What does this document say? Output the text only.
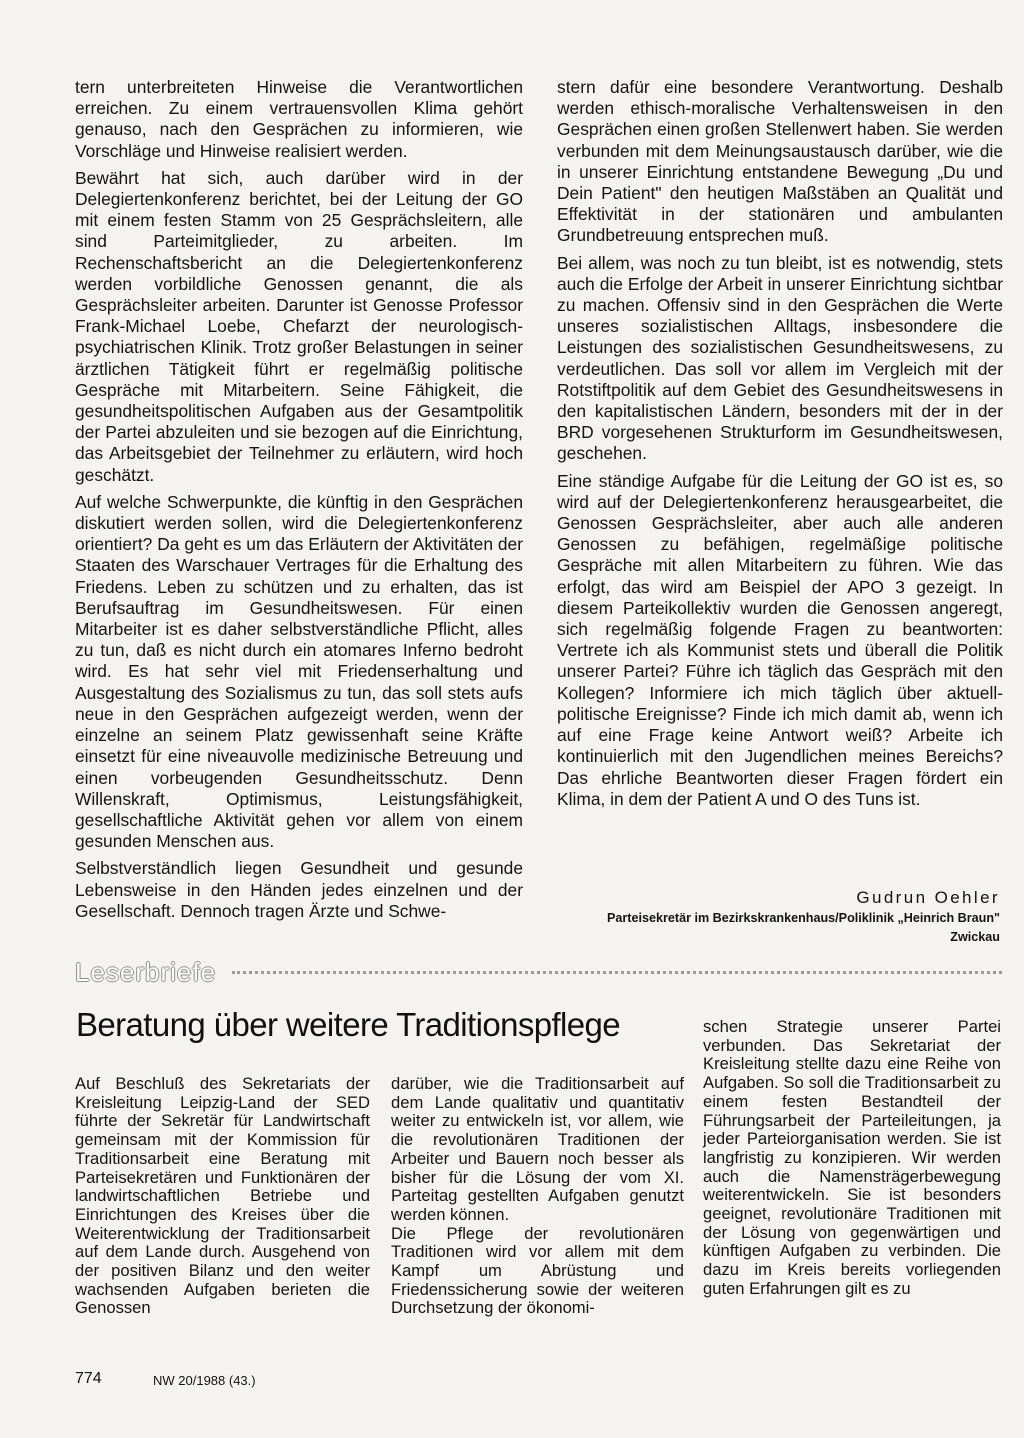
tern unterbreiteten Hinweise die Verantwortlichen erreichen. Zu einem vertrauensvollen Klima gehört genauso, nach den Gesprächen zu informieren, wie Vorschläge und Hinweise realisiert werden.

Bewährt hat sich, auch darüber wird in der Delegiertenkonferenz berichtet, bei der Leitung der GO mit einem festen Stamm von 25 Gesprächsleitern, alle sind Parteimitglieder, zu arbeiten. Im Rechenschaftsbericht an die Delegiertenkonferenz werden vorbildliche Genossen genannt, die als Gesprächsleiter arbeiten. Darunter ist Genosse Professor Frank-Michael Loebe, Chefarzt der neurologisch-psychiatrischen Klinik. Trotz großer Belastungen in seiner ärztlichen Tätigkeit führt er regelmäßig politische Gespräche mit Mitarbeitern. Seine Fähigkeit, die gesundheitspolitischen Aufgaben aus der Gesamtpolitik der Partei abzuleiten und sie bezogen auf die Einrichtung, das Arbeitsgebiet der Teilnehmer zu erläutern, wird hoch geschätzt.

Auf welche Schwerpunkte, die künftig in den Gesprächen diskutiert werden sollen, wird die Delegiertenkonferenz orientiert? Da geht es um das Erläutern der Aktivitäten der Staaten des Warschauer Vertrages für die Erhaltung des Friedens. Leben zu schützen und zu erhalten, das ist Berufsauftrag im Gesundheitswesen. Für einen Mitarbeiter ist es daher selbstverständliche Pflicht, alles zu tun, daß es nicht durch ein atomares Inferno bedroht wird. Es hat sehr viel mit Friedenserhaltung und Ausgestaltung des Sozialismus zu tun, das soll stets aufs neue in den Gesprächen aufgezeigt werden, wenn der einzelne an seinem Platz gewissenhaft seine Kräfte einsetzt für eine niveauvolle medizinische Betreuung und einen vorbeugenden Gesundheitsschutz. Denn Willenskraft, Optimismus, Leistungsfähigkeit, gesellschaftliche Aktivität gehen vor allem von einem gesunden Menschen aus.

Selbstverständlich liegen Gesundheit und gesunde Lebensweise in den Händen jedes einzelnen und der Gesellschaft. Dennoch tragen Ärzte und Schwe-

stern dafür eine besondere Verantwortung. Deshalb werden ethisch-moralische Verhaltensweisen in den Gesprächen einen großen Stellenwert haben. Sie werden verbunden mit dem Meinungsaustausch darüber, wie die in unserer Einrichtung entstandene Bewegung „Du und Dein Patient" den heutigen Maßstäben an Qualität und Effektivität in der stationären und ambulanten Grundbetreuung entsprechen muß.

Bei allem, was noch zu tun bleibt, ist es notwendig, stets auch die Erfolge der Arbeit in unserer Einrichtung sichtbar zu machen. Offensiv sind in den Gesprächen die Werte unseres sozialistischen Alltags, insbesondere die Leistungen des sozialistischen Gesundheitswesens, zu verdeutlichen. Das soll vor allem im Vergleich mit der Rotstiftpolitik auf dem Gebiet des Gesundheitswesens in den kapitalistischen Ländern, besonders mit der in der BRD vorgesehenen Strukturform im Gesundheitswesen, geschehen.

Eine ständige Aufgabe für die Leitung der GO ist es, so wird auf der Delegiertenkonferenz herausgearbeitet, die Genossen Gesprächsleiter, aber auch alle anderen Genossen zu befähigen, regelmäßige politische Gespräche mit allen Mitarbeitern zu führen. Wie das erfolgt, das wird am Beispiel der APO 3 gezeigt. In diesem Parteikollektiv wurden die Genossen angeregt, sich regelmäßig folgende Fragen zu beantworten: Vertrete ich als Kommunist stets und überall die Politik unserer Partei? Führe ich täglich das Gespräch mit den Kollegen? Informiere ich mich täglich über aktuell-politische Ereignisse? Finde ich mich damit ab, wenn ich auf eine Frage keine Antwort weiß? Arbeite ich kontinuierlich mit den Jugendlichen meines Bereichs? Das ehrliche Beantworten dieser Fragen fördert ein Klima, in dem der Patient A und O des Tuns ist.

Gudrun Oehler
Parteisekretär im Bezirkskrankenhaus/Poliklinik „Heinrich Braun"
Zwickau
Leserbriefe
Beratung über weitere Traditionspflege

Auf Beschluß des Sekretariats der Kreisleitung Leipzig-Land der SED führte der Sekretär für Landwirtschaft gemeinsam mit der Kommission für Traditionsarbeit eine Beratung mit Parteisekretären und Funktionären der landwirtschaftlichen Betriebe und Einrichtungen des Kreises über die Weiterentwicklung der Traditionsarbeit auf dem Lande durch. Ausgehend von der positiven Bilanz und den weiter wachsenden Aufgaben berieten die Genossen

darüber, wie die Traditionsarbeit auf dem Lande qualitativ und quantitativ weiter zu entwickeln ist, vor allem, wie die revolutionären Traditionen der Arbeiter und Bauern noch besser als bisher für die Lösung der vom XI. Parteitag gestellten Aufgaben genutzt werden können.

Die Pflege der revolutionären Traditionen wird vor allem mit dem Kampf um Abrüstung und Friedenssicherung sowie der weiteren Durchsetzung der ökonomi-

schen Strategie unserer Partei verbunden. Das Sekretariat der Kreisleitung stellte dazu eine Reihe von Aufgaben. So soll die Traditionsarbeit zu einem festen Bestandteil der Führungsarbeit der Parteileitungen, ja jeder Parteiorganisation werden. Sie ist langfristig zu konzipieren. Wir werden auch die Namensträgerbewegung weiterentwickeln. Sie ist besonders geeignet, revolutionäre Traditionen mit der Lösung von gegenwärtigen und künftigen Aufgaben zu verbinden. Die dazu im Kreis bereits vorliegenden guten Erfahrungen gilt es zu

774	NW 20/1988 (43.)
